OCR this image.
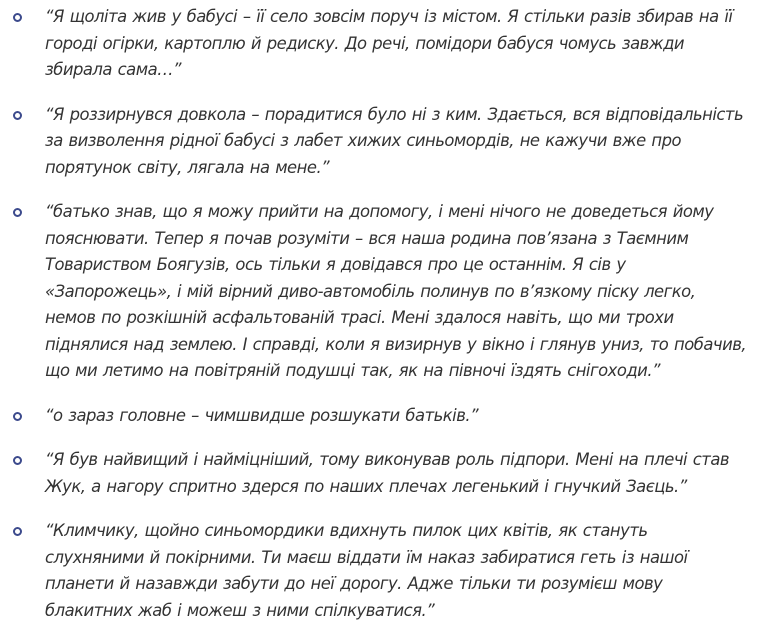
“Я щоліта жив у бабусі – її село зовсім поруч із містом. Я стільки разів збирав на її городі огірки, картоплю й редиску. До речі, помідори бабуся чомусь завжди збирала сама…”
“Я роззирнувся довкола – порадитися було ні з ким. Здається, вся відповідальність за визволення рідної бабусі з лабет хижих синьомордів, не кажучи вже про порятунок світу, лягала на мене.”
“батько знав, що я можу прийти на допомогу, і мені нічого не доведеться йому пояснювати. Тепер я почав розуміти – вся наша родина пов’язана з Таємним Товариством Боягузів, ось тільки я довідався про це останнім. Я сів у «Запорожець», і мій вірний диво-автомобіль полинув по в’язкому піску легко, немов по розкішній асфальтованій трасі. Мені здалося навіть, що ми трохи піднялися над землею. І справді, коли я визирнув у вікно і глянув униз, то побачив, що ми летимо на повітряній подушці так, як на півночі їздять снігоходи.”
“о зараз головне – чимшвидше розшукати батьків.”
“Я був найвищий і наймiцніший, тому виконував роль підпори. Мені на плечі став Жук, а нагору спритно здерся по наших плечах легенький і гнучкий Заєць.”
“Климчику, щойно синьомордики вдихнуть пилок цих квітів, як стануть слухняними й покірними. Ти маєш віддати їм наказ забиратися геть із нашої планети й назавжди забути до неї дорогу. Адже тільки ти розумієш мову блакитних жаб і можеш з ними спілкуватися.”
